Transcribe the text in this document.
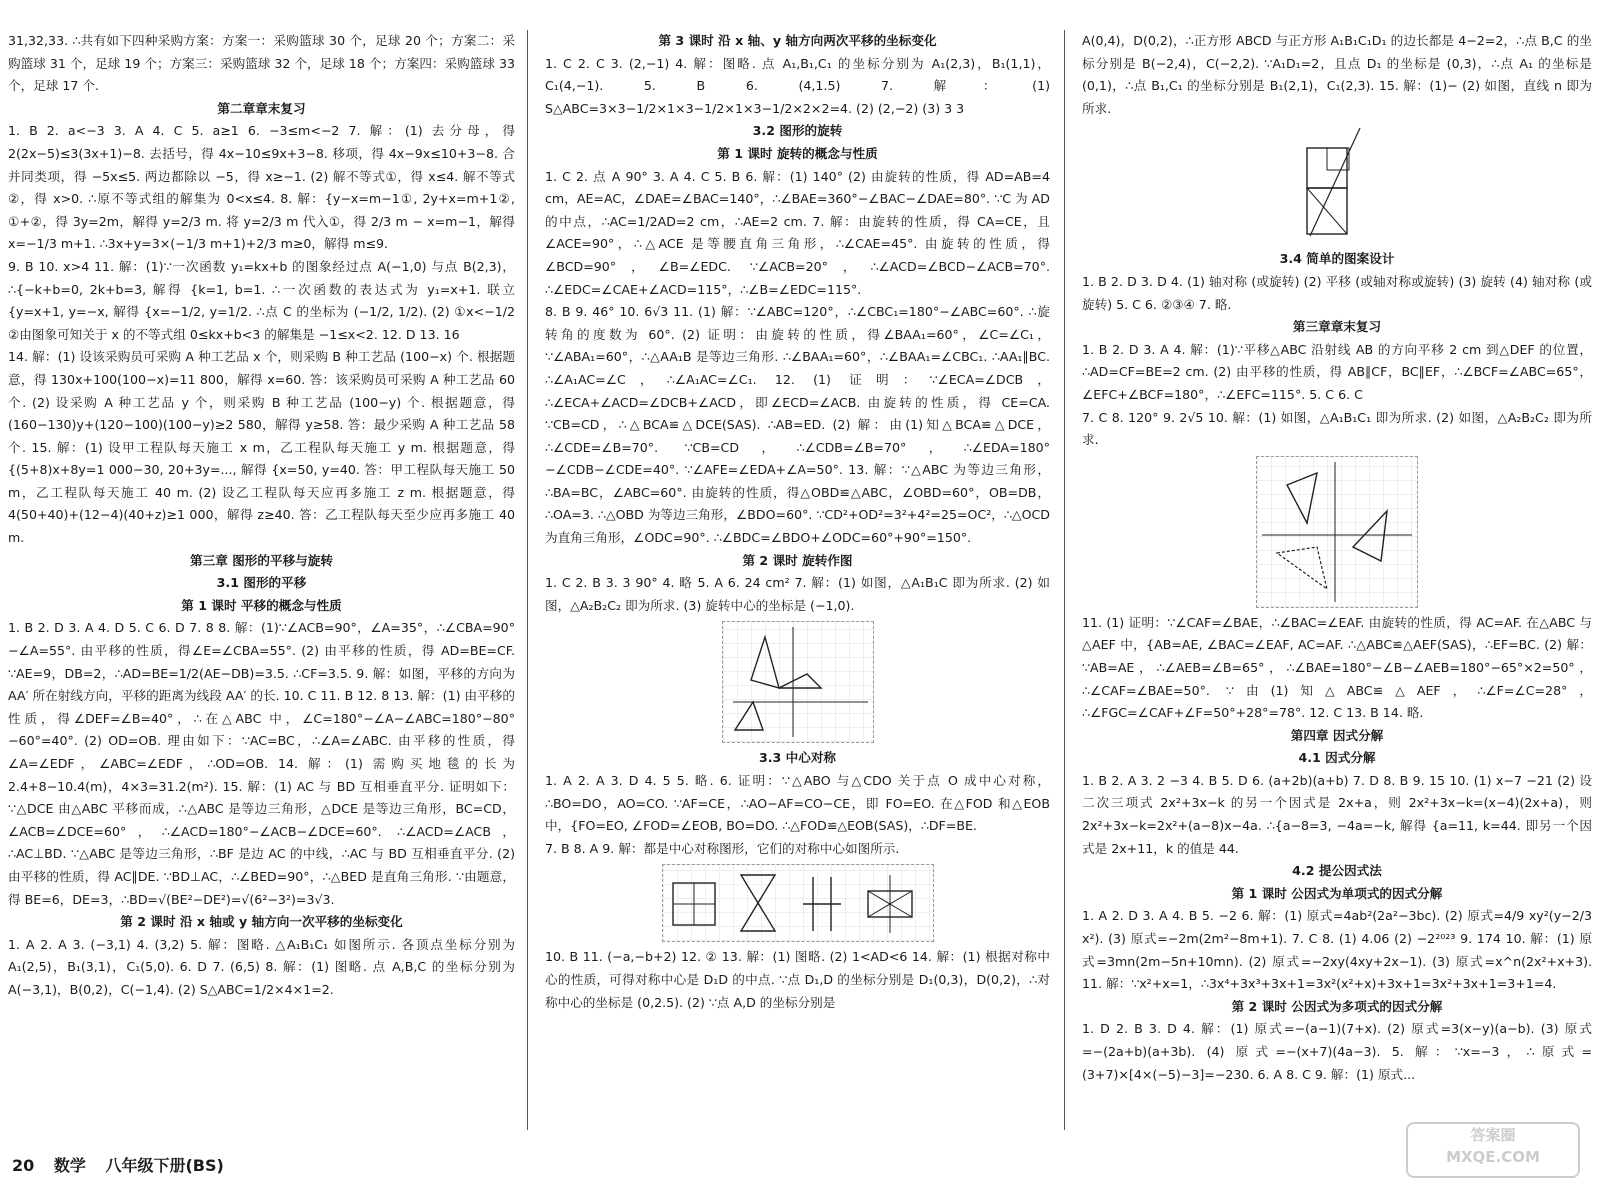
31,32,33. ∴共有如下四种采购方案：方案一：采购篮球 30 个，足球 20 个；方案二：采购篮球 31 个，足球 19 个；方案三：采购篮球 32 个，足球 18 个；方案四：采购篮球 33 个，足球 17 个.
第二章章末复习
1. B 2. a<−3 3. A 4. C 5. a≥1 6. −3≤m<−2 7. 解：(1) 去分母，得 2(2x−5)≤3(3x+1)−8. 去括号，得 4x−10≤9x+3−8. 移项，得 4x−9x≤10+3−8. 合并同类项，得 −5x≤5. 两边都除以 −5，得 x≥−1. (2) 解不等式①，得 x≤4. 解不等式②，得 x>0. ∴原不等式组的解集为 0<x≤4. 8. 解：{y−x=m−1①, 2y+x=m+1②, ①+②，得 3y=2m，解得 y=2/3 m. 将 y=2/3 m 代入①，得 2/3 m − x=m−1，解得 x=−1/3 m+1. ∴3x+y=3×(−1/3 m+1)+2/3 m≥0，解得 m≤9.
9. B 10. x>4 11. 解：(1)∵一次函数 y₁=kx+b 的图象经过点 A(−1,0) 与点 B(2,3)，∴{−k+b=0, 2k+b=3, 解得 {k=1, b=1. ∴一次函数的表达式为 y₁=x+1. 联立 {y=x+1, y=−x, 解得 {x=−1/2, y=1/2. ∴点 C 的坐标为 (−1/2, 1/2). (2) ①x<−1/2 ②由图象可知关于 x 的不等式组 0≤kx+b<3 的解集是 −1≤x<2. 12. D 13. 16
14. 解：(1) 设该采购员可采购 A 种工艺品 x 个，则采购 B 种工艺品 (100−x) 个. 根据题意，得 130x+100(100−x)=11 800，解得 x=60. 答：该采购员可采购 A 种工艺品 60 个. (2) 设采购 A 种工艺品 y 个，则采购 B 种工艺品 (100−y) 个. 根据题意，得 (160−130)y+(120−100)(100−y)≥2 580，解得 y≥58. 答：最少采购 A 种工艺品 58 个. 15. 解：(1) 设甲工程队每天施工 x m，乙工程队每天施工 y m. 根据题意，得 {(5+8)x+8y=1 000−30, 20+3y=..., 解得 {x=50, y=40. 答：甲工程队每天施工 50 m，乙工程队每天施工 40 m. (2) 设乙工程队每天应再多施工 z m. 根据题意，得 4(50+40)+(12−4)(40+z)≥1 000，解得 z≥40. 答：乙工程队每天至少应再多施工 40 m.
第三章 图形的平移与旋转
3.1 图形的平移
第 1 课时 平移的概念与性质
1. B 2. D 3. A 4. D 5. C 6. D 7. 8 8. 解：(1)∵∠ACB=90°，∠A=35°，∴∠CBA=90°−∠A=55°. 由平移的性质，得∠E=∠CBA=55°. (2) 由平移的性质，得 AD=BE=CF. ∵AE=9，DB=2，∴AD=BE=1/2(AE−DB)=3.5. ∴CF=3.5. 9. 解：如图，平移的方向为 AA′ 所在射线方向，平移的距离为线段 AA′ 的长. 10. C 11. B 12. 8 13. 解：(1) 由平移的性质，得∠DEF=∠B=40°，∴在△ABC 中，∠C=180°−∠A−∠ABC=180°−80°−60°=40°. (2) OD=OB. 理由如下：∵AC=BC，∴∠A=∠ABC. 由平移的性质，得∠A=∠EDF，∠ABC=∠EDF，∴OD=OB. 14. 解：(1) 需购买地毯的长为 2.4+8−10.4(m)，4×3=31.2(m²). 15. 解：(1) AC 与 BD 互相垂直平分. 证明如下：∵△DCE 由△ABC 平移而成，∴△ABC 是等边三角形，△DCE 是等边三角形，BC=CD，∠ACB=∠DCE=60°，∴∠ACD=180°−∠ACB−∠DCE=60°. ∴∠ACD=∠ACB，∴AC⊥BD. ∵△ABC 是等边三角形，∴BF 是边 AC 的中线，∴AC 与 BD 互相垂直平分. (2) 由平移的性质，得 AC∥DE. ∵BD⊥AC，∴∠BED=90°，∴△BED 是直角三角形. ∵由题意，得 BE=6，DE=3，∴BD=√(BE²−DE²)=√(6²−3²)=3√3.
第 2 课时 沿 x 轴或 y 轴方向一次平移的坐标变化
1. A 2. A 3. (−3,1) 4. (3,2) 5. 解：图略. △A₁B₁C₁ 如图所示. 各顶点坐标分别为 A₁(2,5)，B₁(3,1)，C₁(5,0). 6. D 7. (6,5) 8. 解：(1) 图略. 点 A,B,C 的坐标分别为 A(−3,1)，B(0,2)，C(−1,4). (2) S△ABC=1/2×4×1=2.
第 3 课时 沿 x 轴、y 轴方向两次平移的坐标变化
1. C 2. C 3. (2,−1) 4. 解：图略. 点 A₁,B₁,C₁ 的坐标分别为 A₁(2,3)，B₁(1,1)，C₁(4,−1). 5. B 6. (4,1.5) 7. 解：(1) S△ABC=3×3−1/2×1×3−1/2×1×3−1/2×2×2=4. (2) (2,−2) (3) 3 3
3.2 图形的旋转
第 1 课时 旋转的概念与性质
1. C 2. 点 A 90° 3. A 4. C 5. B 6. 解：(1) 140° (2) 由旋转的性质，得 AD=AB=4 cm，AE=AC，∠DAE=∠BAC=140°，∴∠BAE=360°−∠BAC−∠DAE=80°. ∵C 为 AD 的中点，∴AC=1/2AD=2 cm，∴AE=2 cm. 7. 解：由旋转的性质，得 CA=CE，且∠ACE=90°，∴△ACE 是等腰直角三角形，∴∠CAE=45°. 由旋转的性质，得∠BCD=90°，∠B=∠EDC. ∵∠ACB=20°，∴∠ACD=∠BCD−∠ACB=70°. ∴∠EDC=∠CAE+∠ACD=115°，∴∠B=∠EDC=115°.
8. B 9. 46° 10. 6√3 11. (1) 解：∵∠ABC=120°，∴∠CBC₁=180°−∠ABC=60°. ∴旋转角的度数为 60°. (2) 证明：由旋转的性质，得∠BAA₁=60°，∠C=∠C₁，∵∠ABA₁=60°，∴△AA₁B 是等边三角形. ∴∠BAA₁=60°，∴∠BAA₁=∠CBC₁. ∴AA₁∥BC. ∴∠A₁AC=∠C，∴∠A₁AC=∠C₁. 12. (1) 证明：∵∠ECA=∠DCB，∴∠ECA+∠ACD=∠DCB+∠ACD，即∠ECD=∠ACB. 由旋转的性质，得 CE=CA. ∵CB=CD，∴△BCA≌△DCE(SAS). ∴AB=ED. (2) 解：由(1)知△BCA≌△DCE，∴∠CDE=∠B=70°. ∵CB=CD，∴∠CDB=∠B=70°，∴∠EDA=180°−∠CDB−∠CDE=40°. ∵∠AFE=∠EDA+∠A=50°. 13. 解：∵△ABC 为等边三角形，∴BA=BC，∠ABC=60°. 由旋转的性质，得△OBD≌△ABC，∠OBD=60°，OB=DB，∴OA=3. ∴△OBD 为等边三角形，∠BDO=60°. ∵CD²+OD²=3²+4²=25=OC²，∴△OCD 为直角三角形，∠ODC=90°. ∴∠BDC=∠BDO+∠ODC=60°+90°=150°.
第 2 课时 旋转作图
1. C 2. B 3. 3 90° 4. 略 5. A 6. 24 cm² 7. 解：(1) 如图，△A₁B₁C 即为所求. (2) 如图，△A₂B₂C₂ 即为所求. (3) 旋转中心的坐标是 (−1,0).
3.3 中心对称
1. A 2. A 3. D 4. 5 5. 略. 6. 证明：∵△ABO 与△CDO 关于点 O 成中心对称，∴BO=DO，AO=CO. ∵AF=CE，∴AO−AF=CO−CE，即 FO=EO. 在△FOD 和△EOB 中，{FO=EO, ∠FOD=∠EOB, BO=DO. ∴△FOD≌△EOB(SAS)，∴DF=BE.
7. B 8. A 9. 解：都是中心对称图形，它们的对称中心如图所示.
10. B 11. (−a,−b+2) 12. ② 13. 解：(1) 图略. (2) 1<AD<6 14. 解：(1) 根据对称中心的性质，可得对称中心是 D₁D 的中点. ∵点 D₁,D 的坐标分别是 D₁(0,3)，D(0,2)，∴对称中心的坐标是 (0,2.5). (2) ∵点 A,D 的坐标分别是
A(0,4)，D(0,2)，∴正方形 ABCD 与正方形 A₁B₁C₁D₁ 的边长都是 4−2=2，∴点 B,C 的坐标分别是 B(−2,4)，C(−2,2). ∵A₁D₁=2，且点 D₁ 的坐标是 (0,3)，∴点 A₁ 的坐标是 (0,1)，∴点 B₁,C₁ 的坐标分别是 B₁(2,1)，C₁(2,3). 15. 解：(1)− (2) 如图，直线 n 即为所求.
3.4 简单的图案设计
1. B 2. D 3. D 4. (1) 轴对称 (或旋转) (2) 平移 (或轴对称或旋转) (3) 旋转 (4) 轴对称 (或旋转) 5. C 6. ②③④ 7. 略.
第三章章末复习
1. B 2. D 3. A 4. 解：(1)∵平移△ABC 沿射线 AB 的方向平移 2 cm 到△DEF 的位置，∴AD=CF=BE=2 cm. (2) 由平移的性质，得 AB∥CF，BC∥EF，∴∠BCF=∠ABC=65°，∠EFC+∠BCF=180°，∴∠EFC=115°. 5. C 6. C
7. C 8. 120° 9. 2√5 10. 解：(1) 如图，△A₁B₁C₁ 即为所求. (2) 如图，△A₂B₂C₂ 即为所求.
11. (1) 证明：∵∠CAF=∠BAE，∴∠BAC=∠EAF. 由旋转的性质，得 AC=AF. 在△ABC 与△AEF 中，{AB=AE, ∠BAC=∠EAF, AC=AF. ∴△ABC≌△AEF(SAS)，∴EF=BC. (2) 解：∵AB=AE，∴∠AEB=∠B=65°，∴∠BAE=180°−∠B−∠AEB=180°−65°×2=50°，∴∠CAF=∠BAE=50°. ∵由(1)知△ABC≌△AEF，∴∠F=∠C=28°，∴∠FGC=∠CAF+∠F=50°+28°=78°. 12. C 13. B 14. 略.
第四章 因式分解
4.1 因式分解
1. B 2. A 3. 2 −3 4. B 5. D 6. (a+2b)(a+b) 7. D 8. B 9. 15 10. (1) x−7 −21 (2) 设二次三项式 2x²+3x−k 的另一个因式是 2x+a，则 2x²+3x−k=(x−4)(2x+a)，则 2x²+3x−k=2x²+(a−8)x−4a. ∴{a−8=3, −4a=−k, 解得 {a=11, k=44. 即另一个因式是 2x+11，k 的值是 44.
4.2 提公因式法
第 1 课时 公因式为单项式的因式分解
1. A 2. D 3. A 4. B 5. −2 6. 解：(1) 原式=4ab²(2a²−3bc). (2) 原式=4/9 xy²(y−2/3 x²). (3) 原式=−2m(2m²−8m+1). 7. C 8. (1) 4.06 (2) −2²⁰²³ 9. 174 10. 解：(1) 原式=3mn(2m−5n+10mn). (2) 原式=−2xy(4xy+2x−1). (3) 原式=x^n(2x²+x+3). 11. 解：∵x²+x=1，∴3x⁴+3x³+3x+1=3x²(x²+x)+3x+1=3x²+3x+1=3+1=4.
第 2 课时 公因式为多项式的因式分解
1. D 2. B 3. D 4. 解：(1) 原式=−(a−1)(7+x). (2) 原式=3(x−y)(a−b). (3) 原式=−(2a+b)(a+3b). (4) 原式=−(x+7)(4a−3). 5. 解：∵x=−3，∴原式=(3+7)×[4×(−5)−3]=−230. 6. A 8. C 9. 解：(1) 原式...
20 数学 八年级下册(BS)
答案圈
MXQE.COM
